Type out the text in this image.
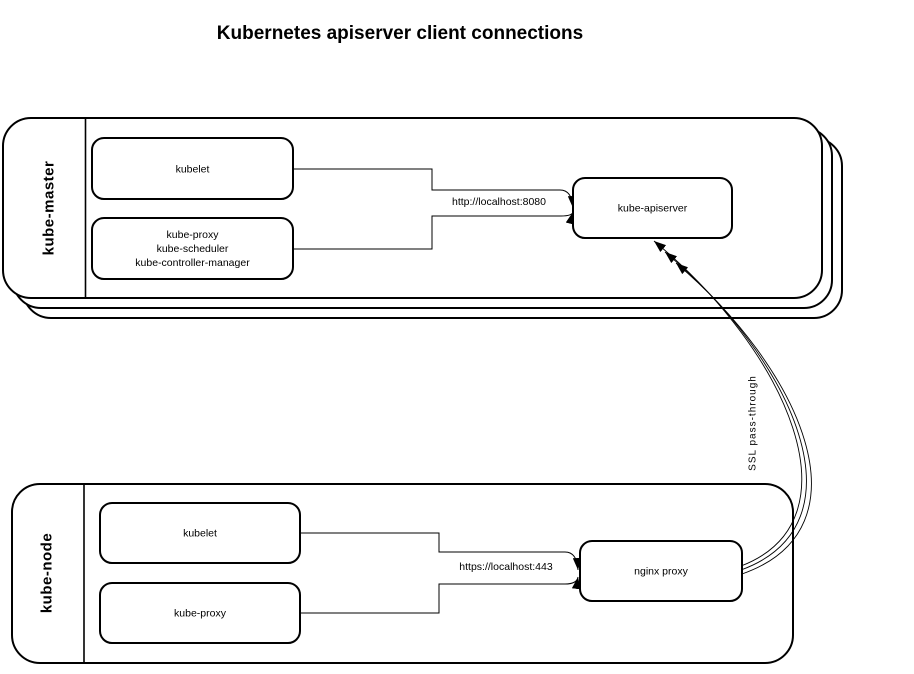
Kubernetes apiserver client connections
kube-master
kube-node
SSL pass-through
http://localhost:8080
https://localhost:443
kubelet
kube-proxy
kube-scheduler
kube-controller-manager
kube-apiserver
kubelet
kube-proxy
nginx proxy
